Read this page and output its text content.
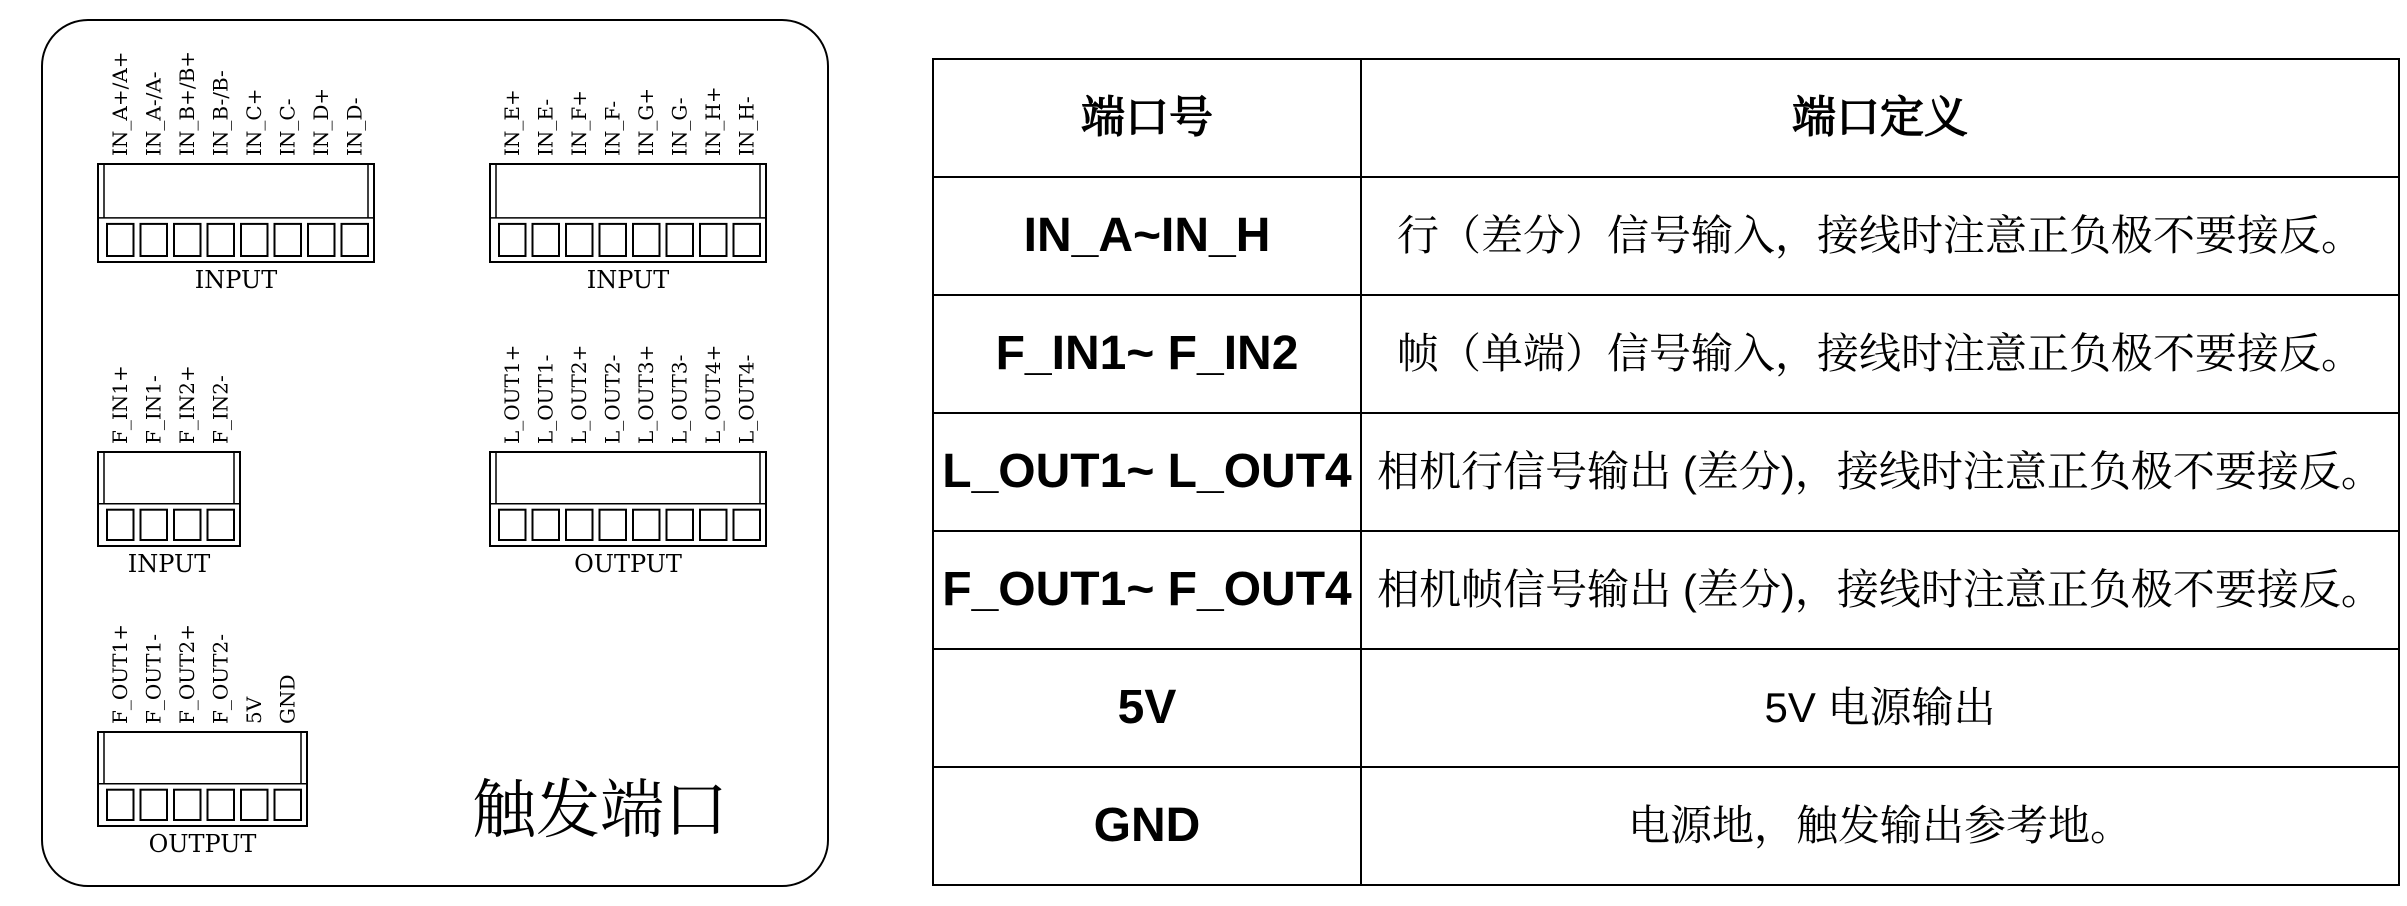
IN_A+/A+ IN_A-/A- IN_B+/B+ IN_B-/B- IN_C+ IN_C- IN_D+ IN_D-
INPUT
IN_E+ IN_E- IN_F+ IN_F- IN_G+ IN_G- IN_H+ IN_H-
INPUT
F_IN1+ F_IN1- F_IN2+ F_IN2-
INPUT
L_OUT1+ L_OUT1- L_OUT2+ L_OUT2- L_OUT3+ L_OUT3- L_OUT4+ L_OUT4-
OUTPUT
F_OUT1+ F_OUT1- F_OUT2+ F_OUT2- 5V GND
OUTPUT	触发端口
端口号	端口定义
IN_A~IN_H	行（差分）信号输入，接线时注意正负极不要接反。
F_IN1~ F_IN2	帧（单端）信号输入，接线时注意正负极不要接反。
L_OUT1~ L_OUT4	相机行信号输出 (差分)，接线时注意正负极不要接反。
F_OUT1~ F_OUT4	相机帧信号输出 (差分)，接线时注意正负极不要接反。
5V	5V 电源输出
GND	电源地，触发输出参考地。
